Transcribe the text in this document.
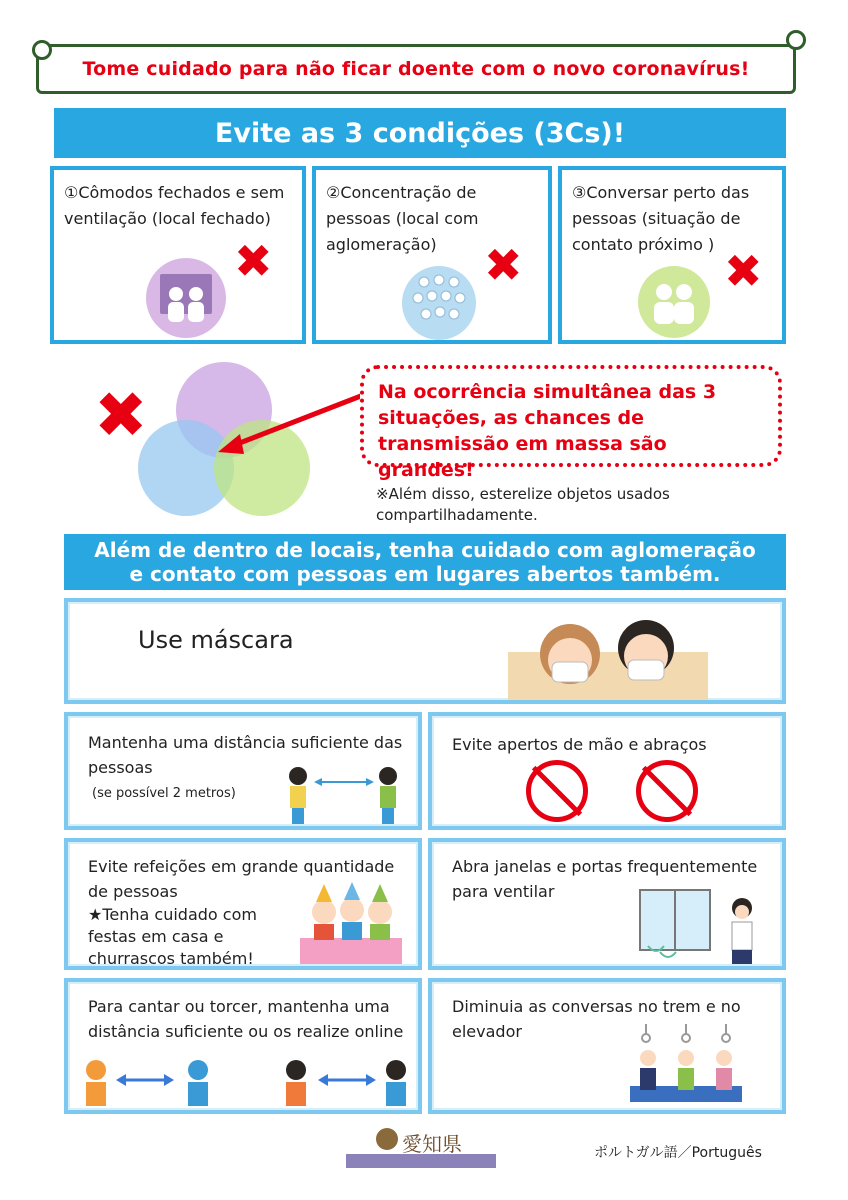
Tome cuidado para não ficar doente com o novo coronavírus!
Evite as 3 condições (3Cs)!
①Cômodos fechados e sem ventilação (local fechado)
✖
②Concentração de pessoas (local com aglomeração)	✖
③Conversar perto das pessoas (situação de contato próximo ) ✖
✖	Na ocorrência simultânea das 3 situações, as chances de transmissão em massa são grandes!
※Além disso, esterelize objetos usados compartilhadamente.
Além de dentro de locais, tenha cuidado com aglomeração
e contato com pessoas em lugares abertos também.
Use máscara
Mantenha uma distância suficiente das pessoas
(se possível 2 metros)
Evite apertos de mão e abraços
Evite refeições em grande quantidade de pessoas
★Tenha cuidado com festas em casa e churrascos também!
Abra janelas e portas frequentemente para ventilar
Para cantar ou torcer, mantenha uma distância suficiente ou os realize online
Diminuia as conversas no trem e no elevador
愛知県	ポルトガル語／Português
